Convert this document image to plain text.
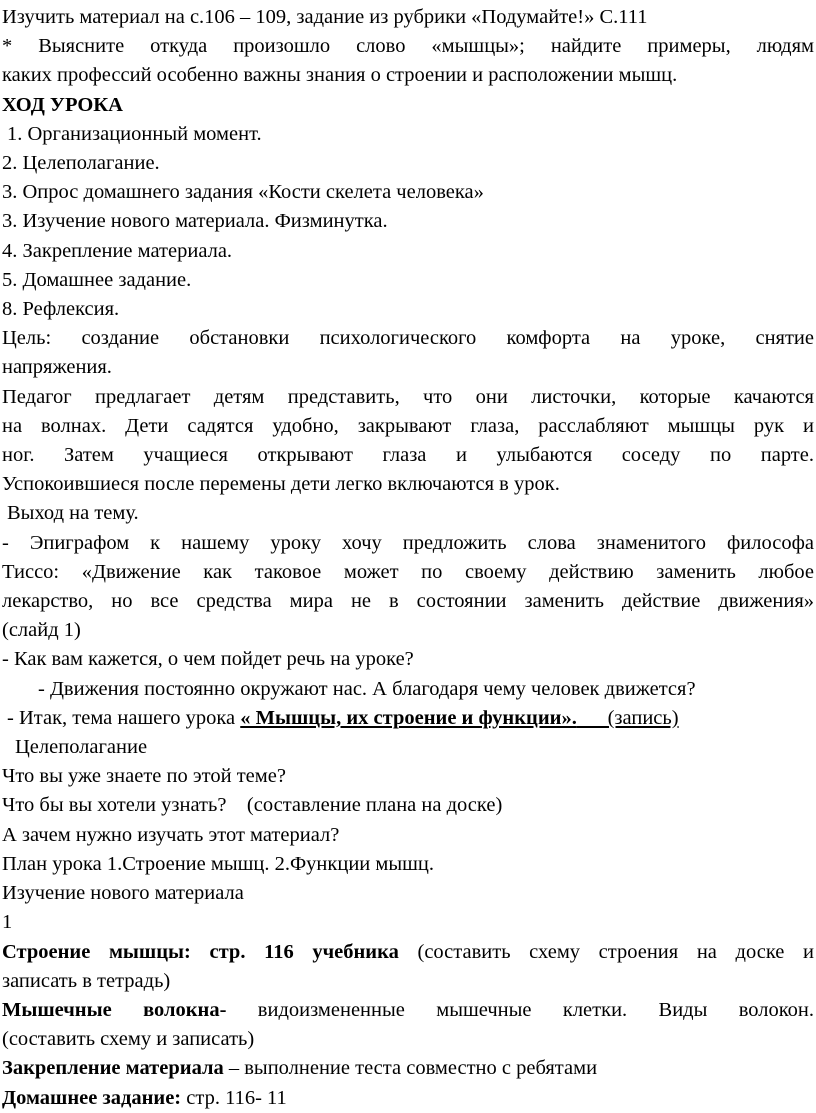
Изучить материал на с.106 – 109, задание из рубрики «Подумайте!» С.111
* Выясните откуда произошло слово «мышцы»; найдите примеры, людям
каких профессий особенно важны знания о строении и расположении мышц.
ХОД УРОКА
1. Организационный момент.
2. Целеполагание.
3. Опрос домашнего задания «Кости скелета человека»
3. Изучение нового материала. Физминутка.
4. Закрепление материала.
5. Домашнее задание.
8. Рефлексия.
Цель: создание обстановки психологического комфорта на уроке, снятие
напряжения.
Педагог предлагает детям представить, что они листочки, которые качаются
на волнах. Дети садятся удобно, закрывают глаза, расслабляют мышцы рук и
ног. Затем учащиеся открывают глаза и улыбаются соседу по парте.
Успокоившиеся после перемены дети легко включаются в урок.
Выход на тему.
- Эпиграфом к нашему уроку хочу предложить слова знаменитого философа
Тиссо: «Движение как таковое может по своему действию заменить любое
лекарство, но все средства мира не в состоянии заменить действие движения»
(слайд 1)
- Как вам кажется, о чем пойдет речь на уроке?
- Движения постоянно окружают нас. А благодаря чему человек движется?
- Итак, тема нашего урока « Мышцы, их строение и функции».      (запись)
Целеполагание
Что вы уже знаете по этой теме?
Что бы вы хотели узнать?    (составление плана на доске)
А зачем нужно изучать этот материал?
План урока 1.Строение мышц. 2.Функции мышц.
Изучение нового материала
1
Строение мышцы: стр. 116 учебника (составить схему строения на доске и
записать в тетрадь)
Мышечные волокна- видоизмененные мышечные клетки. Виды волокон.
(составить схему и записать)
Закрепление материала – выполнение теста совместно с ребятами
Домашнее задание: стр. 116- 11
